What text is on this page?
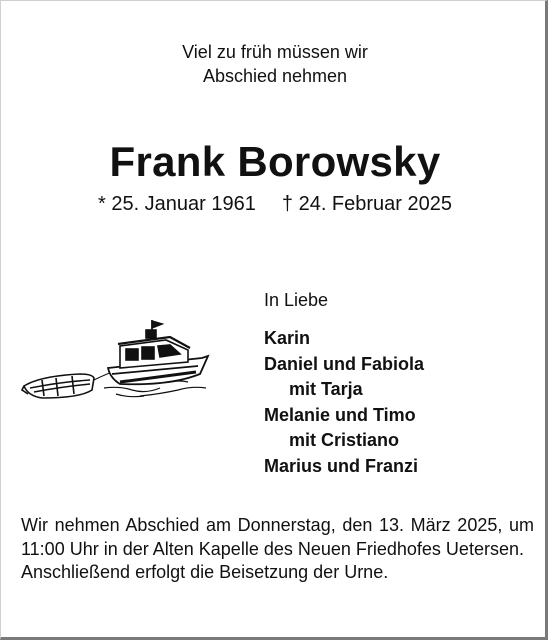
Viel zu früh müssen wir
Abschied nehmen
Frank Borowsky
* 25. Januar 1961 † 24. Februar 2025
In Liebe
Karin
Daniel und Fabiola
mit Tarja
Melanie und Timo
mit Cristiano
Marius und Franzi
Wir nehmen Abschied am Donnerstag, den 13. März 2025, um 11:00 Uhr in der Alten Kapelle des Neuen Friedhofes Uetersen.
Anschließend erfolgt die Beisetzung der Urne.
